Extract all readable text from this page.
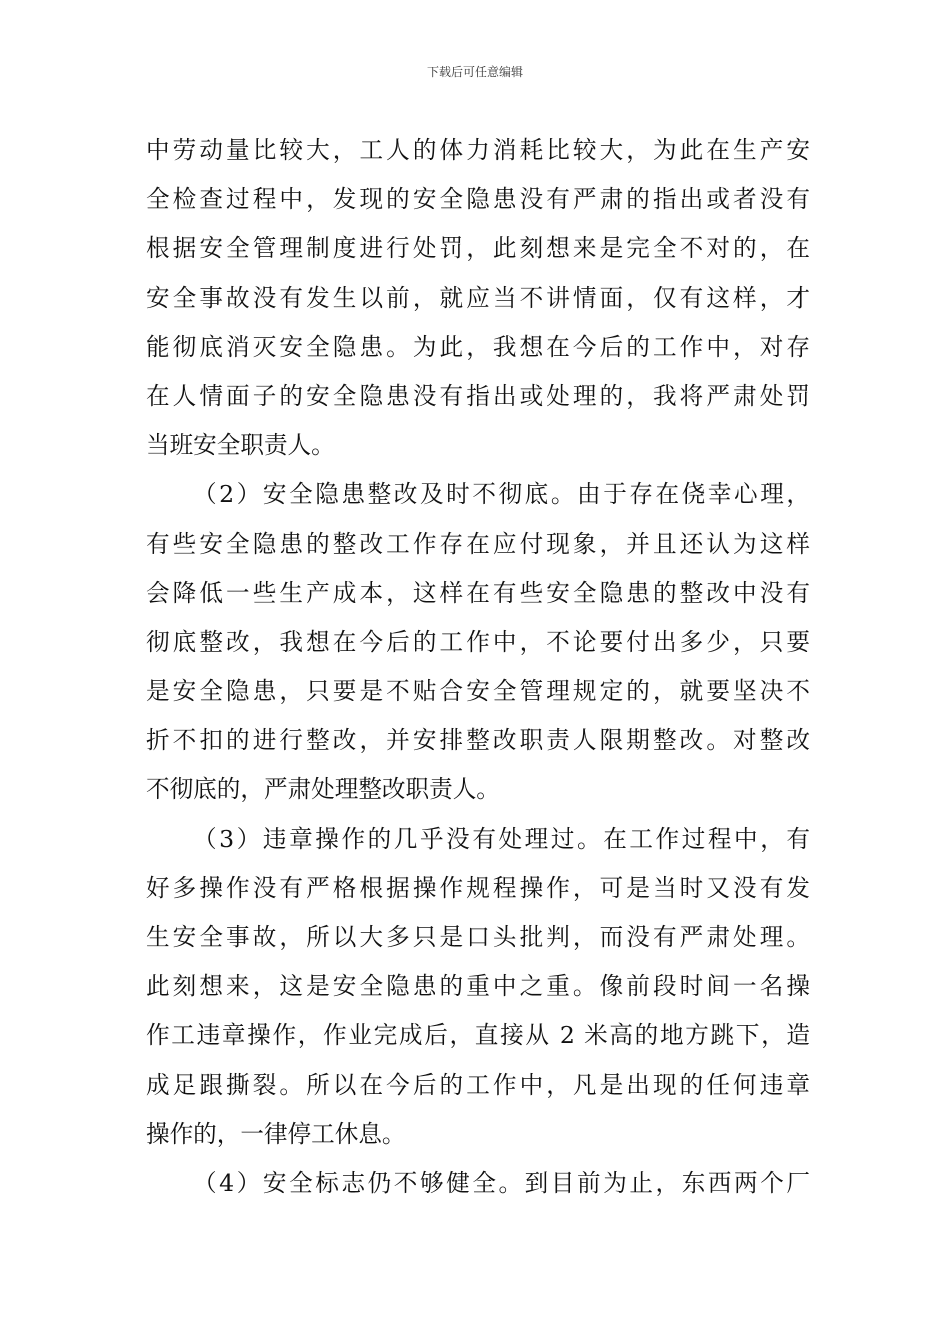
下载后可任意编辑
中劳动量比较大，工人的体力消耗比较大，为此在生产安
全检查过程中，发现的安全隐患没有严肃的指出或者没有
根据安全管理制度进行处罚，此刻想来是完全不对的，在
安全事故没有发生以前，就应当不讲情面，仅有这样，才
能彻底消灭安全隐患。为此，我想在今后的工作中，对存
在人情面子的安全隐患没有指出或处理的，我将严肃处罚
当班安全职责人。
（2）安全隐患整改及时不彻底。由于存在侥幸心理，
有些安全隐患的整改工作存在应付现象，并且还认为这样
会降低一些生产成本，这样在有些安全隐患的整改中没有
彻底整改，我想在今后的工作中，不论要付出多少，只要
是安全隐患，只要是不贴合安全管理规定的，就要坚决不
折不扣的进行整改，并安排整改职责人限期整改。对整改
不彻底的，严肃处理整改职责人。
（3）违章操作的几乎没有处理过。在工作过程中，有
好多操作没有严格根据操作规程操作，可是当时又没有发
生安全事故，所以大多只是口头批判，而没有严肃处理。
此刻想来，这是安全隐患的重中之重。像前段时间一名操
作工违章操作，作业完成后，直接从 2 米高的地方跳下，造
成足跟撕裂。所以在今后的工作中，凡是出现的任何违章
操作的，一律停工休息。
（4）安全标志仍不够健全。到目前为止，东西两个厂
